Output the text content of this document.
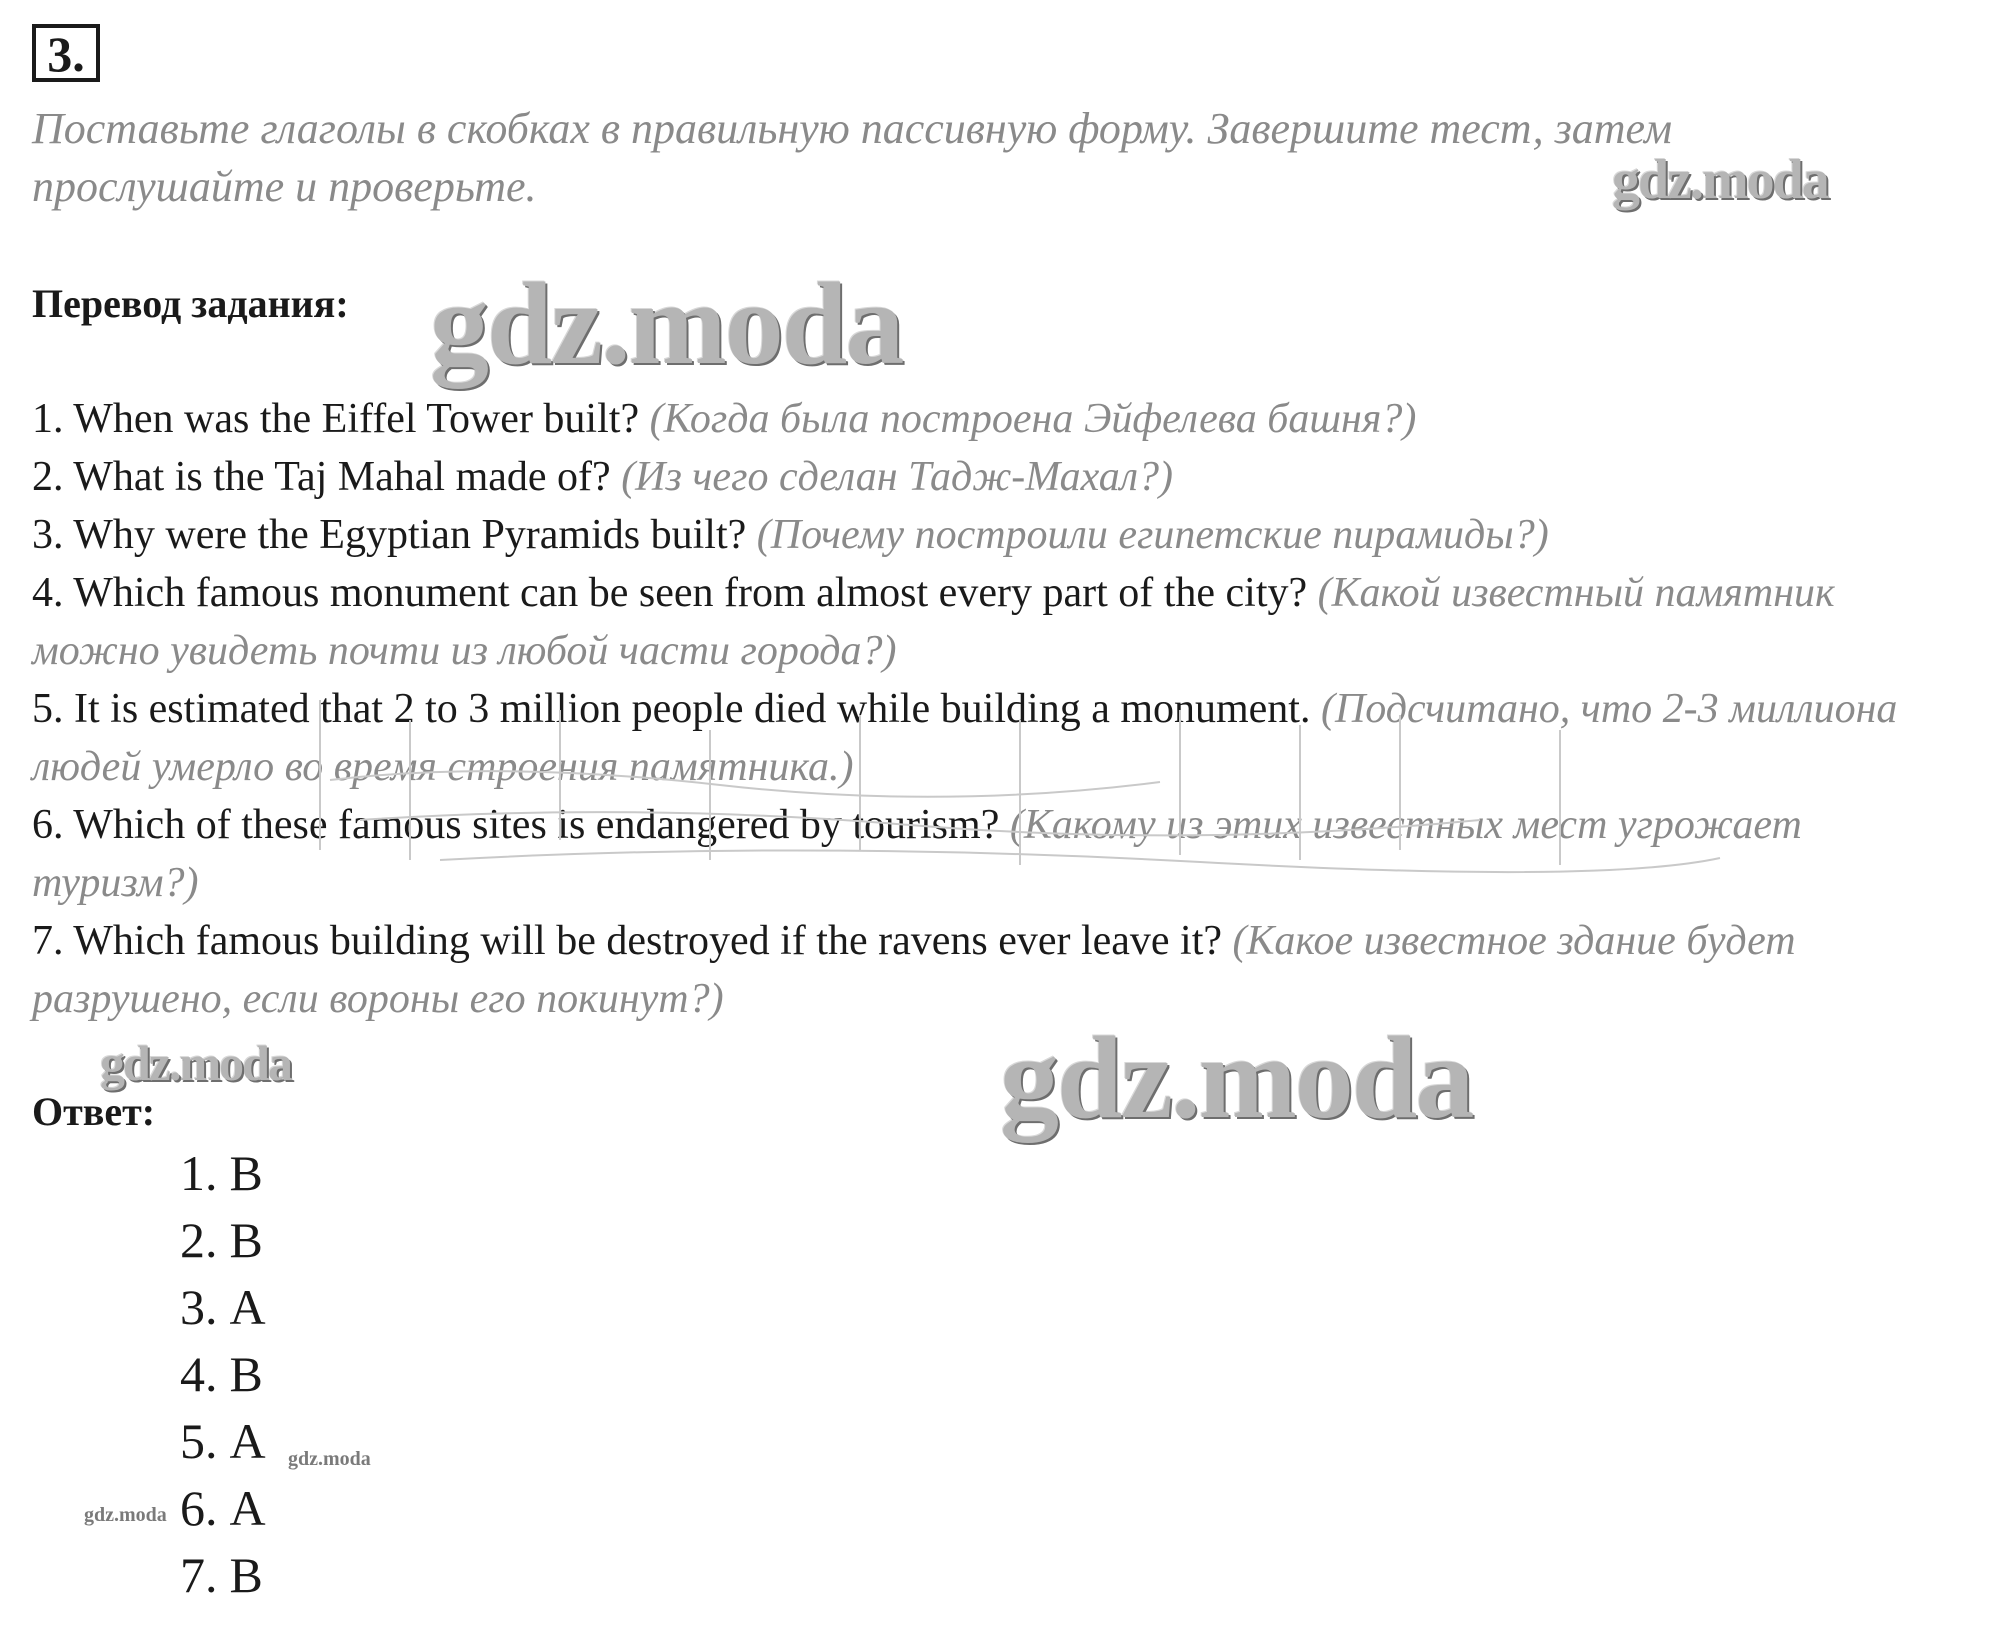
3.
Поставьте глаголы в скобках в правильную пассивную форму. Завершите тест, затем прослушайте и проверьте.
Перевод задания:

1. When was the Eiffel Tower built? (Когда была построена Эйфелева башня?)

2. What is the Taj Mahal made of? (Из чего сделан Тадж-Махал?)

3. Why were the Egyptian Pyramids built? (Почему построили египетские пирамиды?)

4. Which famous monument can be seen from almost every part of the city? (Какой известный памятник можно увидеть почти из любой части города?)

5. It is estimated that 2 to 3 million people died while building a monument. (Подсчитано, что 2-3 миллиона людей умерло во время строения памятника.)

6. Which of these famous sites is endangered by tourism? (Какому из этих известных мест угрожает туризм?)

7. Which famous building will be destroyed if the ravens ever leave it? (Какое известное здание будет разрушено, если вороны его покинут?)

Ответ:
1. B
2. B
3. A
4. B
5. A
6. A
7. B
gdz.moda
gdz.moda
gdz.moda
gdz.moda
gdz.moda
gdz.moda
